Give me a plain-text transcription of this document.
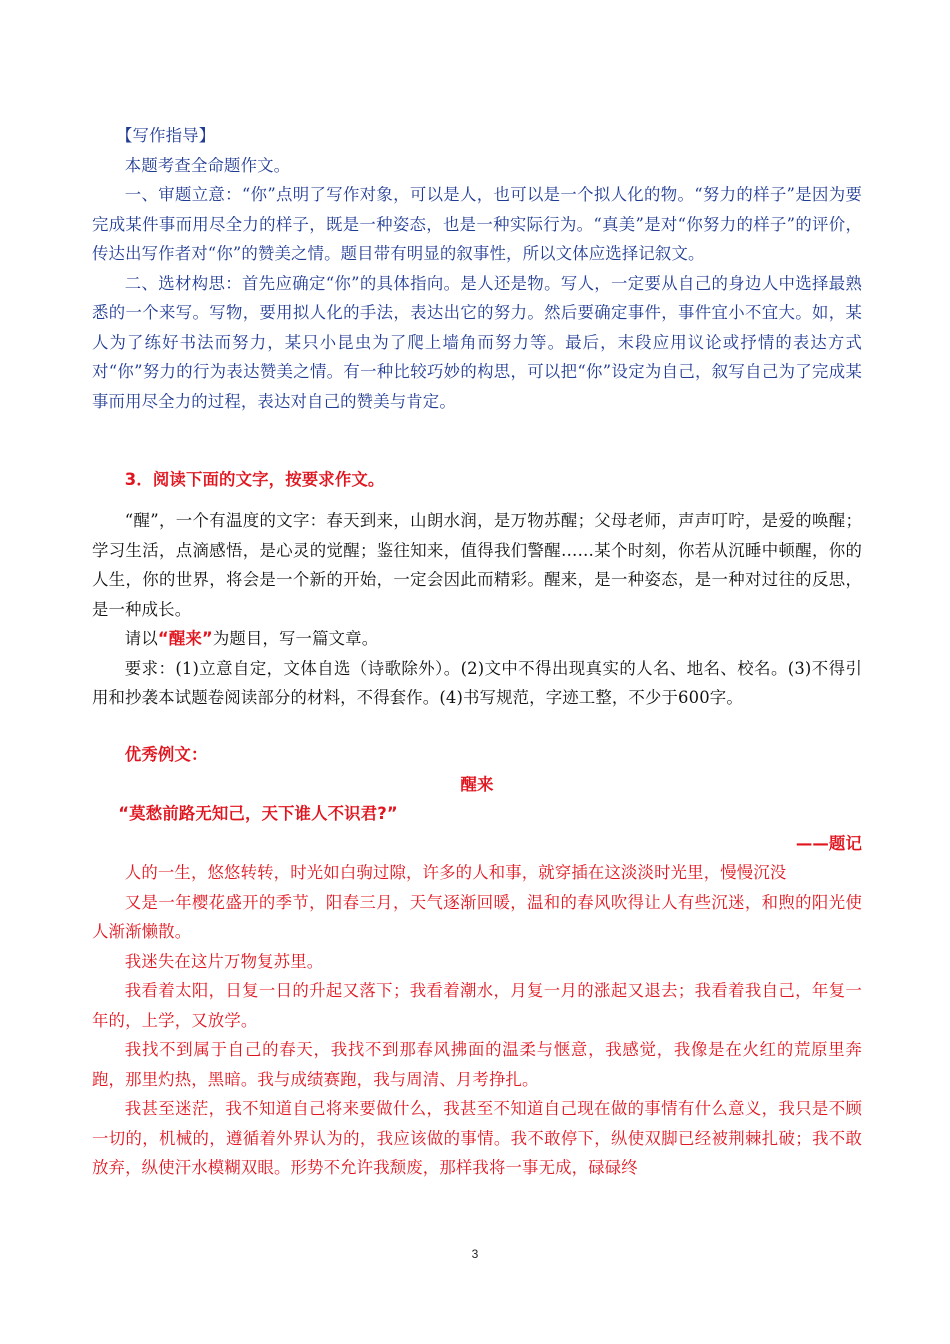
【写作指导】

本题考查全命题作文。

一、审题立意：“你”点明了写作对象，可以是人，也可以是一个拟人化的物。“努力的样子”是因为要完成某件事而用尽全力的样子，既是一种姿态，也是一种实际行为。“真美”是对“你努力的样子”的评价，传达出写作者对“你”的赞美之情。题目带有明显的叙事性，所以文体应选择记叙文。

二、选材构思：首先应确定“你”的具体指向。是人还是物。写人，一定要从自己的身边人中选择最熟悉的一个来写。写物，要用拟人化的手法，表达出它的努力。然后要确定事件，事件宜小不宜大。如，某人为了练好书法而努力，某只小昆虫为了爬上墙角而努力等。最后，末段应用议论或抒情的表达方式对“你”努力的行为表达赞美之情。有一种比较巧妙的构思，可以把“你”设定为自己，叙写自己为了完成某事而用尽全力的过程，表达对自己的赞美与肯定。

3．阅读下面的文字，按要求作文。

“醒”，一个有温度的文字：春天到来，山朗水润，是万物苏醒；父母老师，声声叮咛，是爱的唤醒；学习生活，点滴感悟，是心灵的觉醒；鉴往知来，值得我们警醒……某个时刻，你若从沉睡中顿醒，你的人生，你的世界，将会是一个新的开始，一定会因此而精彩。醒来，是一种姿态，是一种对过往的反思，是一种成长。

请以“醒来”为题目，写一篇文章。

要求：(1)立意自定，文体自选（诗歌除外）。(2)文中不得出现真实的人名、地名、校名。(3)不得引用和抄袭本试题卷阅读部分的材料，不得套作。(4)书写规范，字迹工整，不少于600字。

优秀例文：

醒来

“莫愁前路无知己，天下谁人不识君?”

——题记

人的一生，悠悠转转，时光如白驹过隙，许多的人和事，就穿插在这淡淡时光里，慢慢沉没

又是一年樱花盛开的季节，阳春三月，天气逐渐回暖，温和的春风吹得让人有些沉迷，和煦的阳光使人渐渐懒散。

我迷失在这片万物复苏里。

我看着太阳，日复一日的升起又落下；我看着潮水，月复一月的涨起又退去；我看着我自己，年复一年的，上学，又放学。

我找不到属于自己的春天，我找不到那春风拂面的温柔与惬意，我感觉，我像是在火红的荒原里奔跑，那里灼热，黑暗。我与成绩赛跑，我与周清、月考挣扎。

我甚至迷茫，我不知道自己将来要做什么，我甚至不知道自己现在做的事情有什么意义，我只是不顾一切的，机械的，遵循着外界认为的，我应该做的事情。我不敢停下，纵使双脚已经被荆棘扎破；我不敢放弃，纵使汗水模糊双眼。形势不允许我颓废，那样我将一事无成，碌碌终

3
